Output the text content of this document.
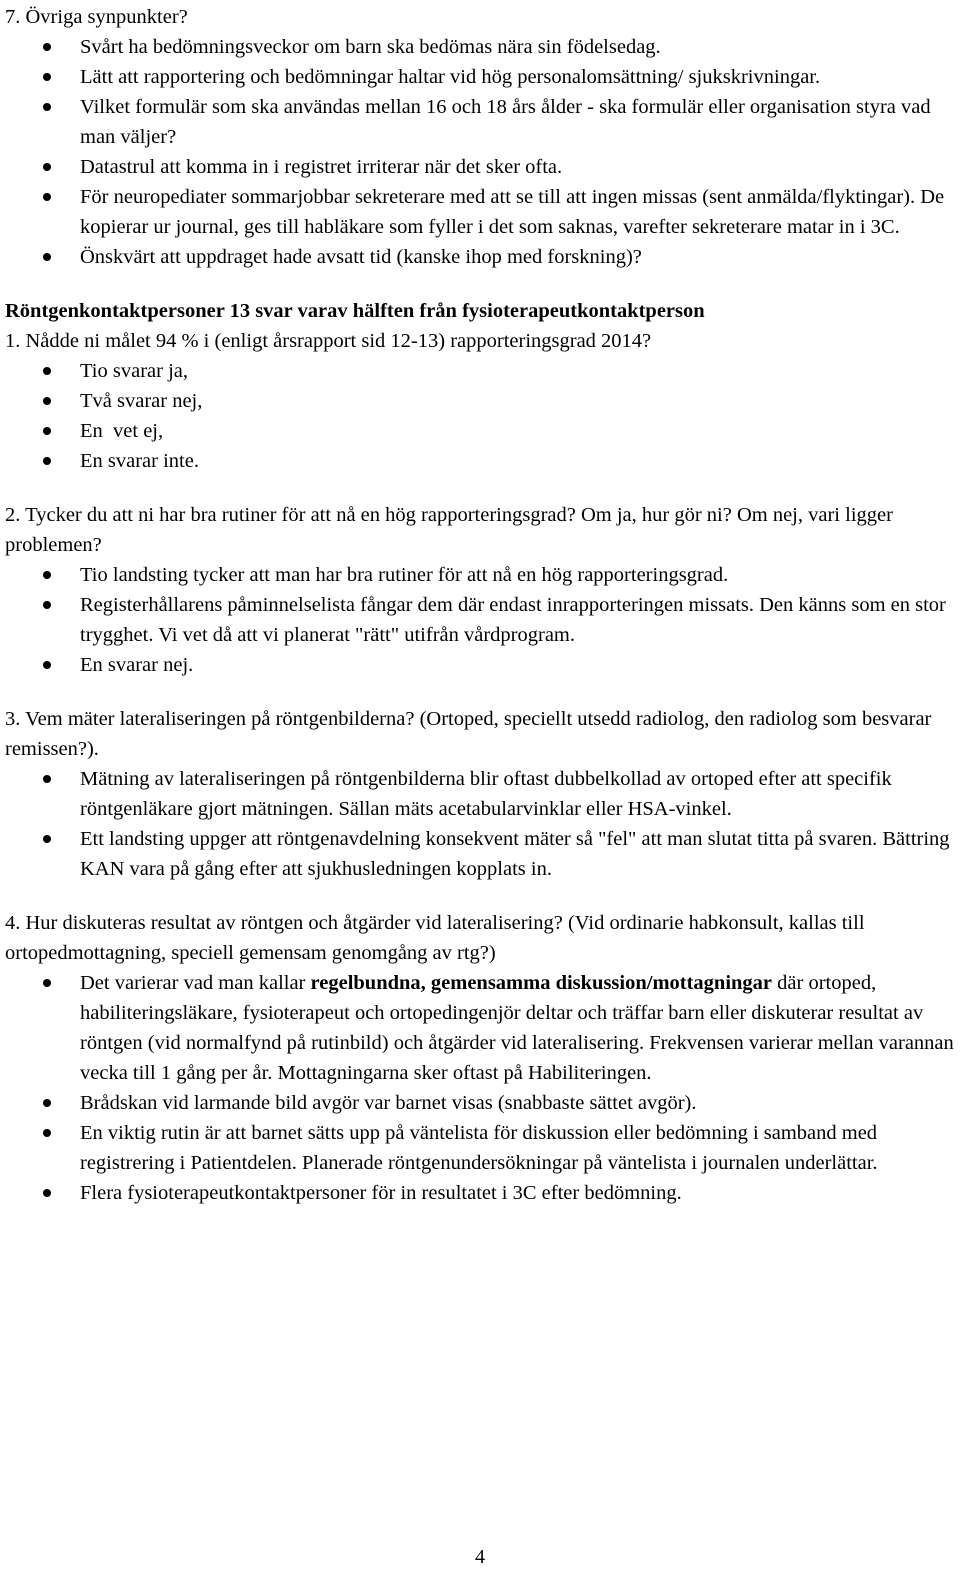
7. Övriga synpunkter?

Svårt ha bedömningsveckor om barn ska bedömas nära sin födelsedag.
Lätt att rapportering och bedömningar haltar vid hög personalomsättning/ sjukskrivningar.
Vilket formulär som ska användas mellan 16 och 18 års ålder - ska formulär eller organisation styra vad man väljer?
Datastrul att komma in i registret irriterar när det sker ofta.
För neuropediater sommarjobbar sekreterare med att se till att ingen missas (sent anmälda/flyktingar). De kopierar ur journal, ges till habläkare som fyller i det som saknas, varefter sekreterare matar in i 3C.
Önskvärt att uppdraget hade avsatt tid (kanske ihop med forskning)?

Röntgenkontaktpersoner 13 svar varav hälften från fysioterapeutkontaktperson

1. Nådde ni målet 94 % i (enligt årsrapport sid 12-13) rapporteringsgrad 2014?

Tio svarar ja,
Två svarar nej,
En  vet ej,
En svarar inte.

2. Tycker du att ni har bra rutiner för att nå en hög rapporteringsgrad? Om ja, hur gör ni? Om nej, vari ligger problemen?

Tio landsting tycker att man har bra rutiner för att nå en hög rapporteringsgrad.
Registerhållarens påminnelselista fångar dem där endast inrapporteringen missats. Den känns som en stor trygghet. Vi vet då att vi planerat "rätt" utifrån vårdprogram.
En svarar nej.

3. Vem mäter lateraliseringen på röntgenbilderna? (Ortoped, speciellt utsedd radiolog, den radiolog som besvarar remissen?).

Mätning av lateraliseringen på röntgenbilderna blir oftast dubbelkollad av ortoped efter att specifik röntgenläkare gjort mätningen. Sällan mäts acetabularvinklar eller HSA-vinkel.
Ett landsting uppger att röntgenavdelning konsekvent mäter så "fel" att man slutat titta på svaren. Bättring KAN vara på gång efter att sjukhusledningen kopplats in.

4. Hur diskuteras resultat av röntgen och åtgärder vid lateralisering? (Vid ordinarie habkonsult, kallas till ortopedmottagning, speciell gemensam genomgång av rtg?)

Det varierar vad man kallar regelbundna, gemensamma diskussion/mottagningar där ortoped, habiliteringsläkare, fysioterapeut och ortopedingenjör deltar och träffar barn eller diskuterar resultat av röntgen (vid normalfynd på rutinbild) och åtgärder vid lateralisering. Frekvensen varierar mellan varannan vecka till 1 gång per år. Mottagningarna sker oftast på Habiliteringen.
Brådskan vid larmande bild avgör var barnet visas (snabbaste sättet avgör).
En viktig rutin är att barnet sätts upp på väntelista för diskussion eller bedömning i samband med registrering i Patientdelen. Planerade röntgenundersökningar på väntelista i journalen underlättar.
Flera fysioterapeutkontaktpersoner för in resultatet i 3C efter bedömning.
4
